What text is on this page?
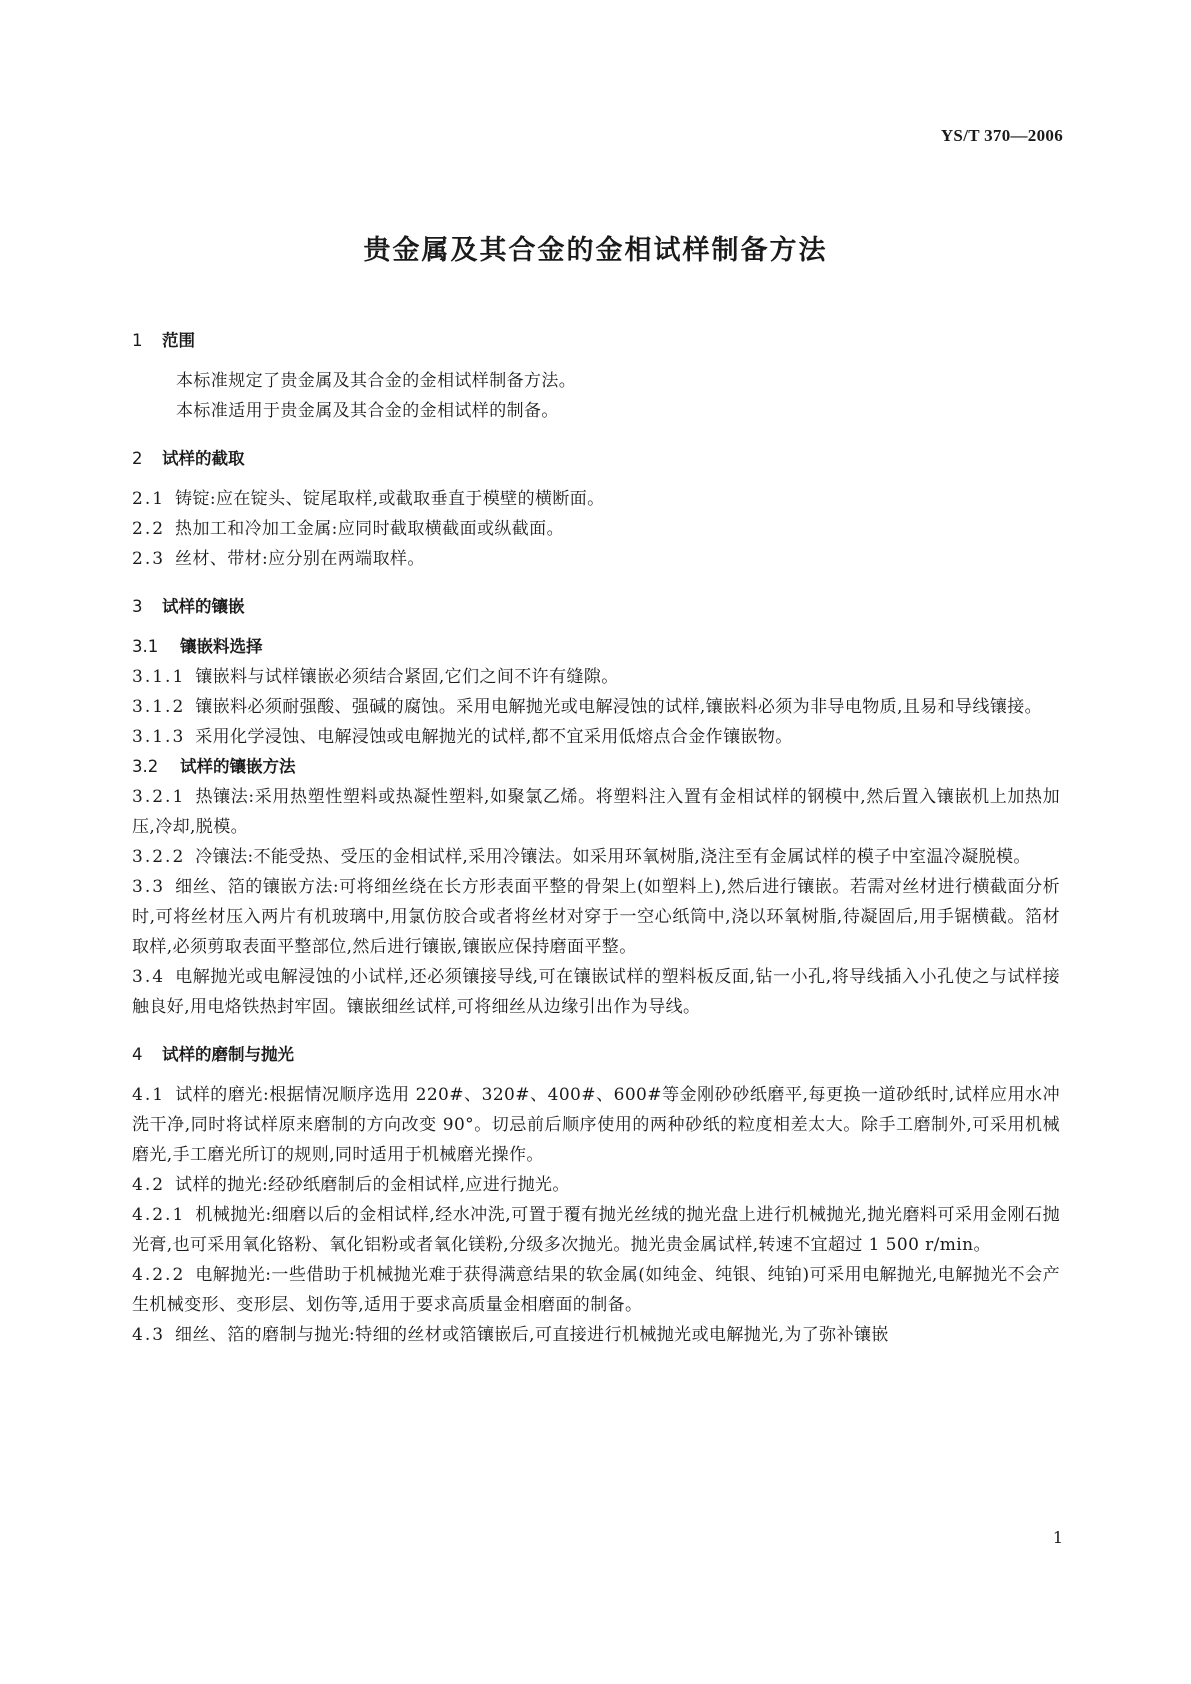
YS/T 370—2006
贵金属及其合金的金相试样制备方法
1 范围
本标准规定了贵金属及其合金的金相试样制备方法。
本标准适用于贵金属及其合金的金相试样的制备。
2 试样的截取
2.1 铸锭:应在锭头、锭尾取样,或截取垂直于模壁的横断面。
2.2 热加工和冷加工金属:应同时截取横截面或纵截面。
2.3 丝材、带材:应分别在两端取样。
3 试样的镶嵌
3.1 镶嵌料选择
3.1.1 镶嵌料与试样镶嵌必须结合紧固,它们之间不许有缝隙。
3.1.2 镶嵌料必须耐强酸、强碱的腐蚀。采用电解抛光或电解浸蚀的试样,镶嵌料必须为非导电物质,且易和导线镶接。
3.1.3 采用化学浸蚀、电解浸蚀或电解抛光的试样,都不宜采用低熔点合金作镶嵌物。
3.2 试样的镶嵌方法
3.2.1 热镶法:采用热塑性塑料或热凝性塑料,如聚氯乙烯。将塑料注入置有金相试样的钢模中,然后置入镶嵌机上加热加压,冷却,脱模。
3.2.2 冷镶法:不能受热、受压的金相试样,采用冷镶法。如采用环氧树脂,浇注至有金属试样的模子中室温冷凝脱模。
3.3 细丝、箔的镶嵌方法:可将细丝绕在长方形表面平整的骨架上(如塑料上),然后进行镶嵌。若需对丝材进行横截面分析时,可将丝材压入两片有机玻璃中,用氯仿胶合或者将丝材对穿于一空心纸筒中,浇以环氧树脂,待凝固后,用手锯横截。箔材取样,必须剪取表面平整部位,然后进行镶嵌,镶嵌应保持磨面平整。
3.4 电解抛光或电解浸蚀的小试样,还必须镶接导线,可在镶嵌试样的塑料板反面,钻一小孔,将导线插入小孔使之与试样接触良好,用电烙铁热封牢固。镶嵌细丝试样,可将细丝从边缘引出作为导线。
4 试样的磨制与抛光
4.1 试样的磨光:根据情况顺序选用 220#、320#、400#、600#等金刚砂砂纸磨平,每更换一道砂纸时,试样应用水冲洗干净,同时将试样原来磨制的方向改变 90°。切忌前后顺序使用的两种砂纸的粒度相差太大。除手工磨制外,可采用机械磨光,手工磨光所订的规则,同时适用于机械磨光操作。
4.2 试样的抛光:经砂纸磨制后的金相试样,应进行抛光。
4.2.1 机械抛光:细磨以后的金相试样,经水冲洗,可置于覆有抛光丝绒的抛光盘上进行机械抛光,抛光磨料可采用金刚石抛光膏,也可采用氧化铬粉、氧化铝粉或者氧化镁粉,分级多次抛光。抛光贵金属试样,转速不宜超过 1 500 r/min。
4.2.2 电解抛光:一些借助于机械抛光难于获得满意结果的软金属(如纯金、纯银、纯铂)可采用电解抛光,电解抛光不会产生机械变形、变形层、划伤等,适用于要求高质量金相磨面的制备。
4.3 细丝、箔的磨制与抛光:特细的丝材或箔镶嵌后,可直接进行机械抛光或电解抛光,为了弥补镶嵌
1
